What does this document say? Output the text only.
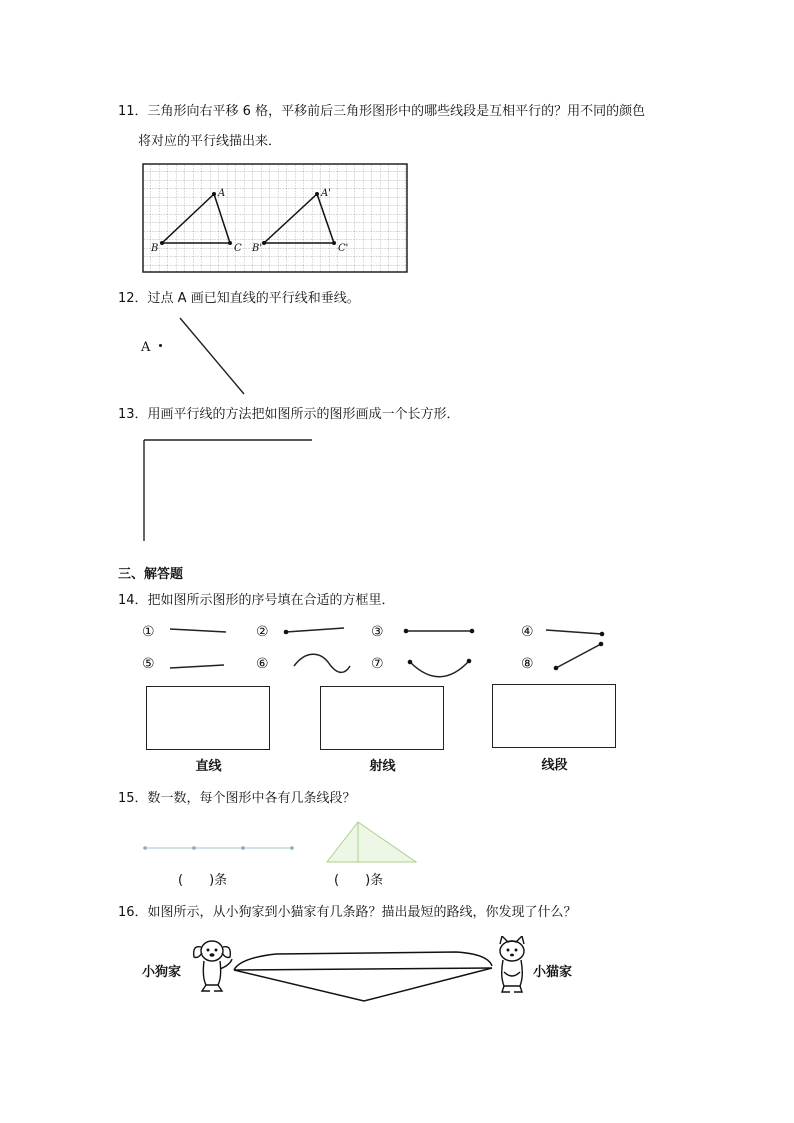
11．三角形向右平移 6 格，平移前后三角形图形中的哪些线段是互相平行的？用不同的颜色
将对应的平行线描出来．
A
B	C
A'
B'	C'
12．过点 A 画已知直线的平行线和垂线。
A
13．用画平行线的方法把如图所示的图形画成一个长方形．
三、解答题
14．把如图所示图形的序号填在合适的方框里．
①	②	③	④
⑤	⑥	⑦	⑧
直线	射线	线段
15．数一数，每个图形中各有几条线段？
(　　)条	(　　)条
16．如图所示，从小狗家到小猫家有几条路？描出最短的路线，你发现了什么？
小狗家	小猫家
